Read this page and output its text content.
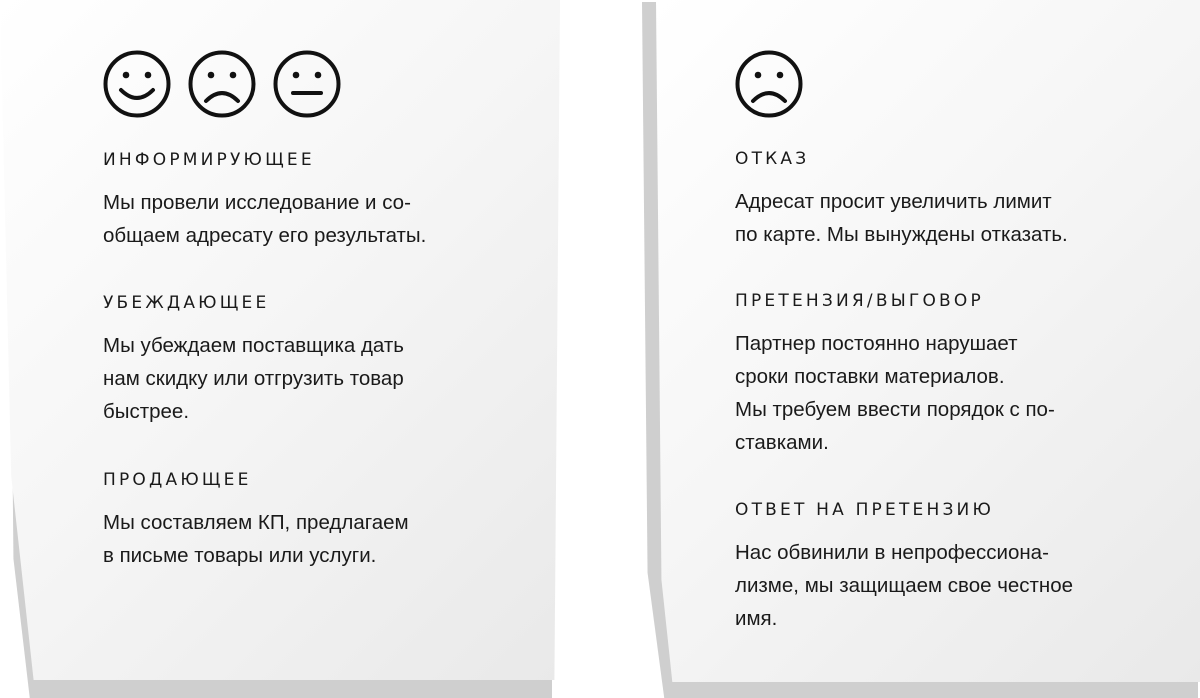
ИНФОРМИРУЮЩЕЕ

Мы провели исследование и со-
общаем адресату его результаты.

УБЕЖДАЮЩЕЕ

Мы убеждаем поставщика дать
нам скидку или отгрузить товар
быстрее.

ПРОДАЮЩЕЕ

Мы составляем КП, предлагаем
в письме товары или услуги.

ОТКАЗ

Адресат просит увеличить лимит
по карте. Мы вынуждены отказать.

ПРЕТЕНЗИЯ/ВЫГОВОР

Партнер постоянно нарушает
сроки поставки материалов.
Мы требуем ввести порядок с по-
ставками.

ОТВЕТ НА ПРЕТЕНЗИЮ

Нас обвинили в непрофессиона-
лизме, мы защищаем свое честное
имя.
